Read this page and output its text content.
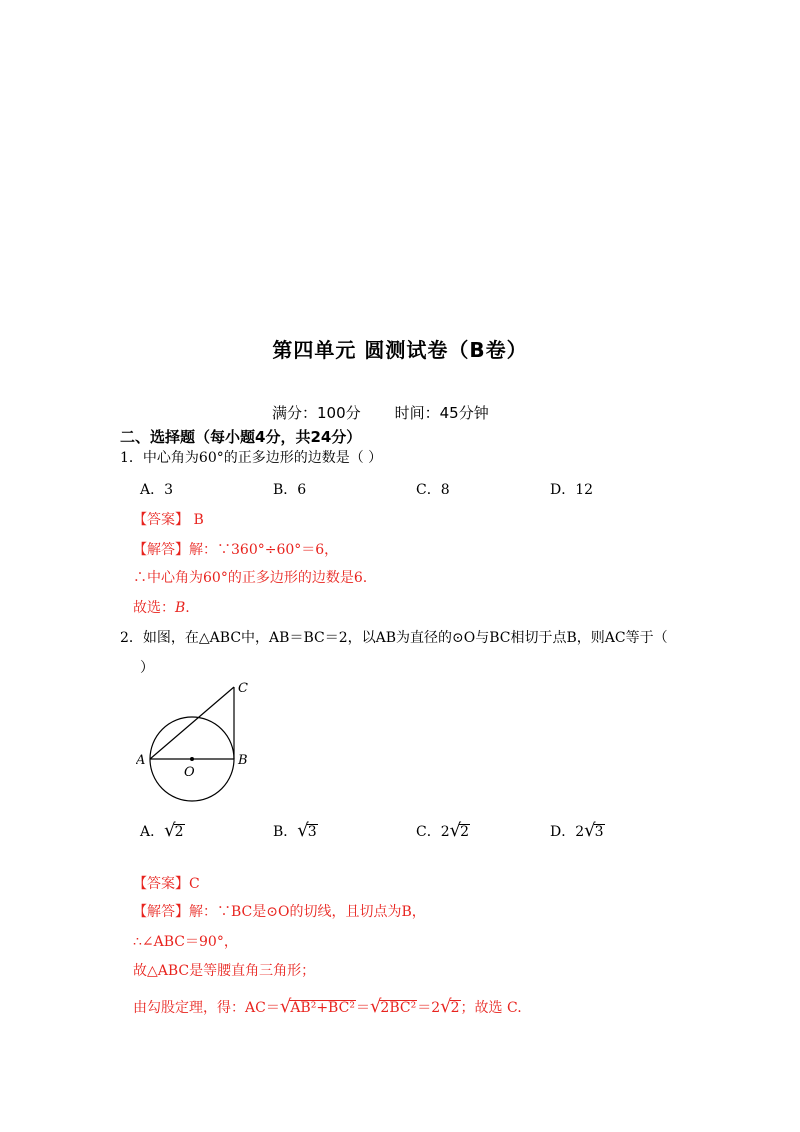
第四单元 圆测试卷（B卷）
满分：100分 时间：45分钟
二、选择题（每小题4分，共24分）
1．中心角为60°的正多边形的边数是（ ）
A．3	B．6	C．8	D．12
【答案】 B
【解答】解：∵360°÷60°＝6，
∴中心角为60°的正多边形的边数是6.
故选：B.
2．如图，在△ABC中，AB＝BC＝2，以AB为直径的⊙O与BC相切于点B，则AC等于（
）
A	B
C
O
A．√2	B．√3	C．2√2	D．2√3
【答案】C
【解答】解：∵BC是⊙O的切线，且切点为B，
∴∠ABC＝90°，
故△ABC是等腰直角三角形；
由勾股定理，得：AC＝√AB²+BC²＝√2BC²＝2√2；故选 C.
